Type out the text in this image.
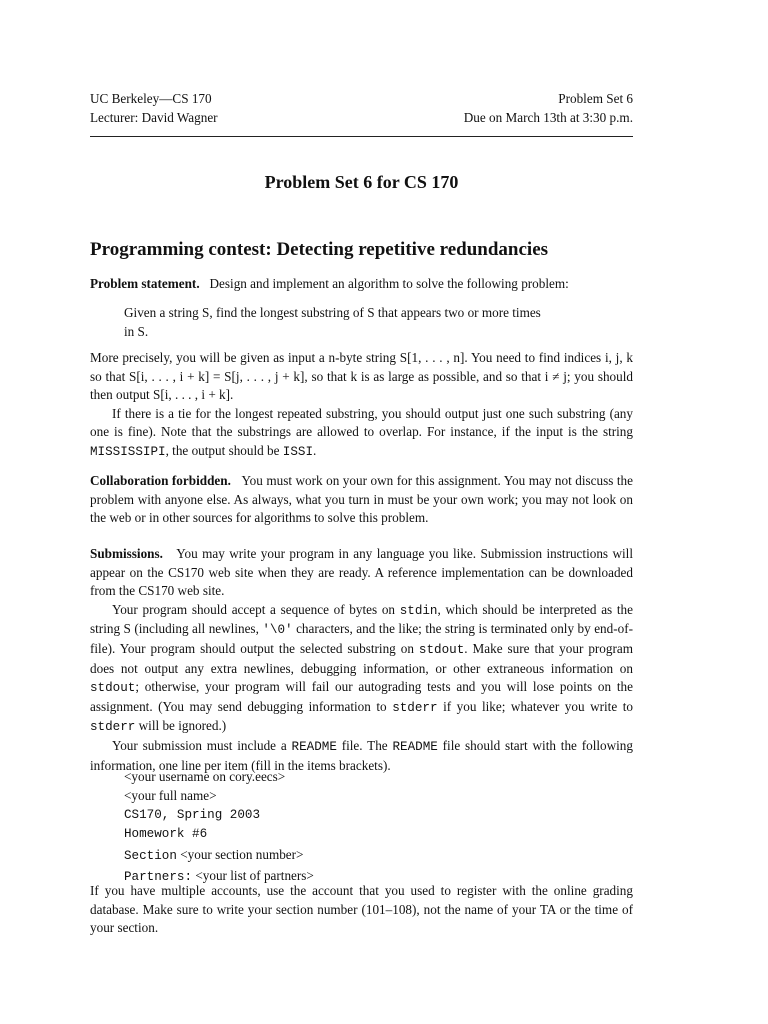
UC Berkeley—CS 170
Lecturer: David Wagner
Problem Set 6
Due on March 13th at 3:30 p.m.
Problem Set 6 for CS 170
Programming contest: Detecting repetitive redundancies

Problem statement. Design and implement an algorithm to solve the following problem:

Given a string S, find the longest substring of S that appears two or more times
in S.

More precisely, you will be given as input a n-byte string S[1, . . . , n]. You need to find indices i, j, k so that S[i, . . . , i + k] = S[j, . . . , j + k], so that k is as large as possible, and so that i ≠ j; you should then output S[i, . . . , i + k].

If there is a tie for the longest repeated substring, you should output just one such substring (any one is fine). Note that the substrings are allowed to overlap. For instance, if the input is the string MISSISSIPI, the output should be ISSI.

Collaboration forbidden. You must work on your own for this assignment. You may not discuss the problem with anyone else. As always, what you turn in must be your own work; you may not look on the web or in other sources for algorithms to solve this problem.

Submissions. You may write your program in any language you like. Submission instructions will appear on the CS170 web site when they are ready. A reference implementation can be downloaded from the CS170 web site.

Your program should accept a sequence of bytes on stdin, which should be interpreted as the string S (including all newlines, '\0' characters, and the like; the string is terminated only by end-of-file). Your program should output the selected substring on stdout. Make sure that your program does not output any extra newlines, debugging information, or other extraneous information on stdout; otherwise, your program will fail our autograding tests and you will lose points on the assignment. (You may send debugging information to stderr if you like; whatever you write to stderr will be ignored.)

Your submission must include a README file. The README file should start with the following information, one line per item (fill in the items brackets).

<your username on cory.eecs>
<your full name>
CS170, Spring 2003
Homework #6
Section <your section number>
Partners: <your list of partners>
If you have multiple accounts, use the account that you used to register with the online grading database. Make sure to write your section number (101–108), not the name of your TA or the time of your section.
